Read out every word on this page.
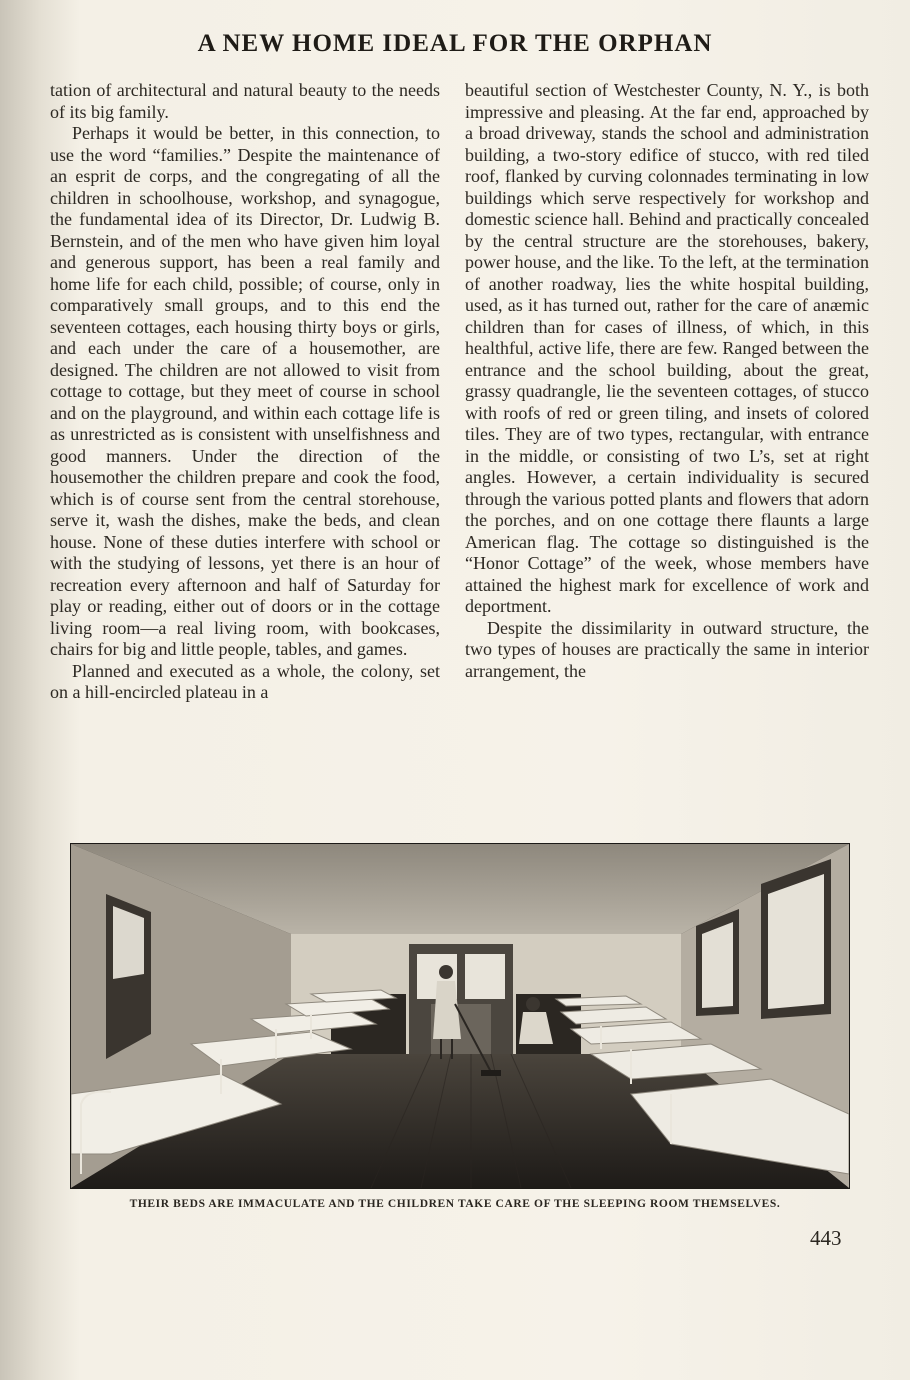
A NEW HOME IDEAL FOR THE ORPHAN

tation of architectural and natural beauty to the needs of its big family.

Perhaps it would be better, in this connection, to use the word “families.” Despite the maintenance of an esprit de corps, and the congregating of all the children in schoolhouse, workshop, and synagogue, the fundamental idea of its Director, Dr. Ludwig B. Bernstein, and of the men who have given him loyal and generous support, has been a real family and home life for each child, possible; of course, only in comparatively small groups, and to this end the seventeen cottages, each housing thirty boys or girls, and each under the care of a housemother, are designed. The children are not allowed to visit from cottage to cottage, but they meet of course in school and on the playground, and within each cottage life is as unrestricted as is consistent with unselfishness and good manners. Under the direction of the housemother the children prepare and cook the food, which is of course sent from the central storehouse, serve it, wash the dishes, make the beds, and clean house. None of these duties interfere with school or with the studying of lessons, yet there is an hour of recreation every afternoon and half of Saturday for play or reading, either out of doors or in the cottage living room—a real living room, with bookcases, chairs for big and little people, tables, and games.

Planned and executed as a whole, the colony, set on a hill-encircled plateau in a

beautiful section of Westchester County, N. Y., is both impressive and pleasing. At the far end, approached by a broad driveway, stands the school and administration building, a two-story edifice of stucco, with red tiled roof, flanked by curving colonnades terminating in low buildings which serve respectively for workshop and domestic science hall. Behind and practically concealed by the central structure are the storehouses, bakery, power house, and the like. To the left, at the termination of another roadway, lies the white hospital building, used, as it has turned out, rather for the care of anæmic children than for cases of illness, of which, in this healthful, active life, there are few. Ranged between the entrance and the school building, about the great, grassy quadrangle, lie the seventeen cottages, of stucco with roofs of red or green tiling, and insets of colored tiles. They are of two types, rectangular, with entrance in the middle, or consisting of two L’s, set at right angles. However, a certain individuality is secured through the various potted plants and flowers that adorn the porches, and on one cottage there flaunts a large American flag. The cottage so distinguished is the “Honor Cottage” of the week, whose members have attained the highest mark for excellence of work and deportment.

Despite the dissimilarity in outward structure, the two types of houses are practically the same in interior arrangement, the

THEIR BEDS ARE IMMACULATE AND THE CHILDREN TAKE CARE OF THE SLEEPING ROOM THEMSELVES.
443
